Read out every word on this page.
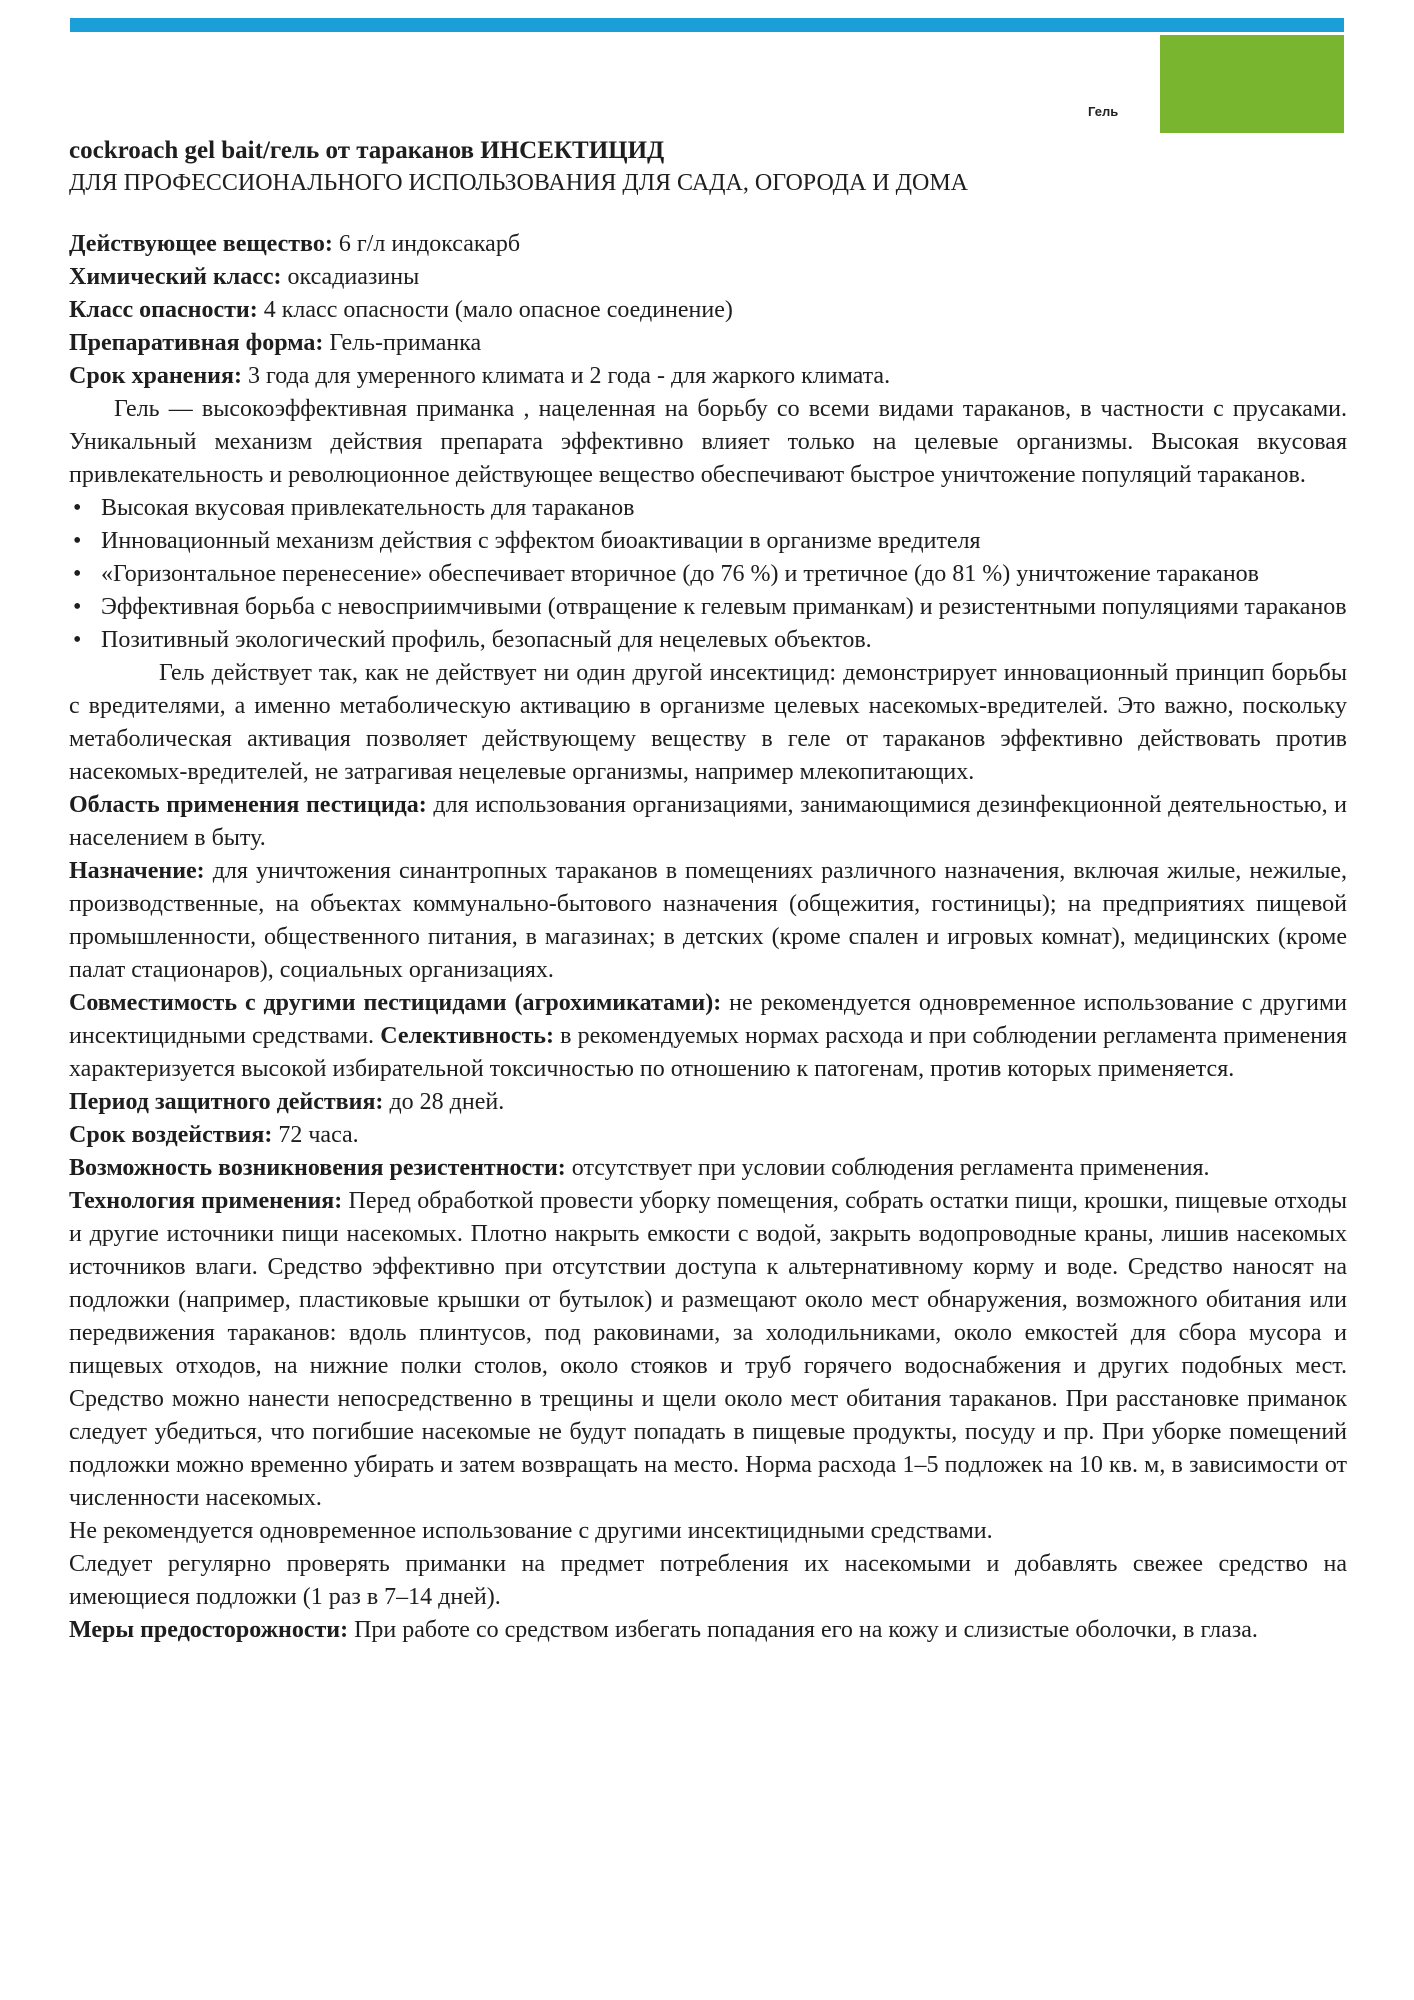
Гель

cockroach gel bait/гель от тараканов ИНСЕКТИЦИД

ДЛЯ ПРОФЕССИОНАЛЬНОГО ИСПОЛЬЗОВАНИЯ ДЛЯ САДА, ОГОРОДА И ДОМА

Действующее вещество: 6 г/л индоксакарб

Химический класс: оксадиазины

Класс опасности: 4 класс опасности (мало опасное соединение)

Препаративная форма: Гель-приманка

Срок хранения: 3 года для умеренного климата и 2 года - для жаркого климата.

Гель — высокоэффективная приманка , нацеленная на борьбу со всеми видами тараканов, в частности с прусаками. Уникальный механизм действия препарата эффективно влияет только на целевые организмы. Высокая вкусовая привлекательность и революционное действующее вещество обеспечивают быстрое уничтожение популяций тараканов.

• Высокая вкусовая привлекательность для тараканов
• Инновационный механизм действия с эффектом биоактивации в организме вредителя
• «Горизонтальное перенесение» обеспечивает вторичное (до 76 %) и третичное (до 81 %) уничтожение тараканов
• Эффективная борьба с невосприимчивыми (отвращение к гелевым приманкам) и резистентными популяциями тараканов
• Позитивный экологический профиль, безопасный для нецелевых объектов.

Гель действует так, как не действует ни один другой инсектицид: демонстрирует инновационный принцип борьбы с вредителями, а именно метаболическую активацию в организме целевых насекомых-вредителей. Это важно, поскольку метаболическая активация позволяет действующему веществу в геле от тараканов эффективно действовать против насекомых-вредителей, не затрагивая нецелевые организмы, например млекопитающих.

Область применения пестицида: для использования организациями, занимающимися дезинфекционной деятельностью, и населением в быту.

Назначение: для уничтожения синантропных тараканов в помещениях различного назначения, включая жилые, нежилые, производственные, на объектах коммунально-бытового назначения (общежития, гостиницы); на предприятиях пищевой промышленности, общественного питания, в магазинах; в детских (кроме спален и игровых комнат), медицинских (кроме палат стационаров), социальных организациях.

Совместимость с другими пестицидами (агрохимикатами): не рекомендуется одновременное использование с другими инсектицидными средствами. Селективность: в рекомендуемых нормах расхода и при соблюдении регламента применения характеризуется высокой избирательной токсичностью по отношению к патогенам, против которых применяется.

Период защитного действия: до 28 дней.

Срок воздействия: 72 часа.

Возможность возникновения резистентности: отсутствует при условии соблюдения регламента применения.

Технология применения: Перед обработкой провести уборку помещения, собрать остатки пищи, крошки, пищевые отходы и другие источники пищи насекомых. Плотно накрыть емкости с водой, закрыть водопроводные краны, лишив насекомых источников влаги. Средство эффективно при отсутствии доступа к альтернативному корму и воде. Средство наносят на подложки (например, пластиковые крышки от бутылок) и размещают около мест обнаружения, возможного обитания или передвижения тараканов: вдоль плинтусов, под раковинами, за холодильниками, около емкостей для сбора мусора и пищевых отходов, на нижние полки столов, около стояков и труб горячего водоснабжения и других подобных мест. Средство можно нанести непосредственно в трещины и щели около мест обитания тараканов. При расстановке приманок следует убедиться, что погибшие насекомые не будут попадать в пищевые продукты, посуду и пр. При уборке помещений подложки можно временно убирать и затем возвращать на место. Норма расхода 1–5 подложек на 10 кв. м, в зависимости от численности насекомых.

Не рекомендуется одновременное использование с другими инсектицидными средствами.

Следует регулярно проверять приманки на предмет потребления их насекомыми и добавлять свежее средство на имеющиеся подложки (1 раз в 7–14 дней).

Меры предосторожности: При работе со средством избегать попадания его на кожу и слизистые оболочки, в глаза.
